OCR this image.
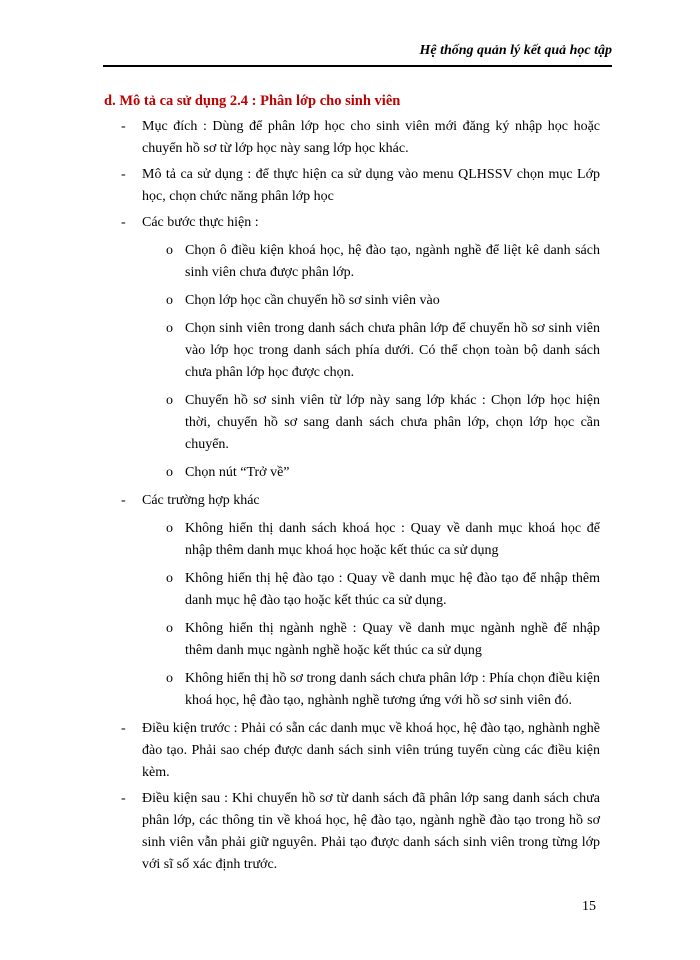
Hệ thống quản lý kết quả học tập
d. Mô tả ca sử dụng 2.4 : Phân lớp cho sinh viên
- Mục đích : Dùng để phân lớp học cho sinh viên mới đăng ký nhập học hoặc chuyển hồ sơ từ lớp học này sang lớp học khác.
- Mô tả ca sử dụng : để thực hiện ca sử dụng vào menu QLHSSV chọn mục Lớp học, chọn chức năng phân lớp học
- Các bước thực hiện :
o Chọn ô điều kiện khoá học, hệ đào tạo, ngành nghề để liệt kê danh sách sinh viên chưa được phân lớp.
o Chọn lớp học cần chuyển hồ sơ sinh viên vào
o Chọn sinh viên trong danh sách chưa phân lớp để chuyển hồ sơ sinh viên vào lớp học trong danh sách phía dưới. Có thể chọn toàn bộ danh sách chưa phân lớp học được chọn.
o Chuyển hồ sơ sinh viên từ lớp này sang lớp khác : Chọn lớp học hiện thời, chuyển hồ sơ sang danh sách chưa phân lớp, chọn lớp học cần chuyển.
o Chọn nút “Trở về”
- Các trường hợp khác
o Không hiển thị danh sách khoá học : Quay về danh mục khoá học để nhập thêm danh mục khoá học hoặc kết thúc ca sử dụng
o Không hiển thị hệ đào tạo : Quay về danh mục hệ đào tạo để nhập thêm danh mục hệ đào tạo hoặc kết thúc ca sử dụng.
o Không hiển thị ngành nghề : Quay về danh mục ngành nghề để nhập thêm danh mục ngành nghề hoặc kết thúc ca sử dụng
o Không hiển thị hồ sơ trong danh sách chưa phân lớp : Phía chọn điều kiện khoá học, hệ đào tạo, nghành nghề tương ứng với hồ sơ sinh viên đó.
- Điều kiện trước : Phải có sẵn các danh mục về khoá học, hệ đào tạo, nghành nghề đào tạo. Phải sao chép được danh sách sinh viên trúng tuyển cùng các điều kiện kèm.
- Điều kiện sau : Khi chuyển hồ sơ từ danh sách đã phân lớp sang danh sách chưa phân lớp, các thông tin về khoá học, hệ đào tạo, ngành nghề đào tạo trong hồ sơ sinh viên vẫn phải giữ nguyên. Phải tạo được danh sách sinh viên trong từng lớp với sĩ số xác định trước.
15
